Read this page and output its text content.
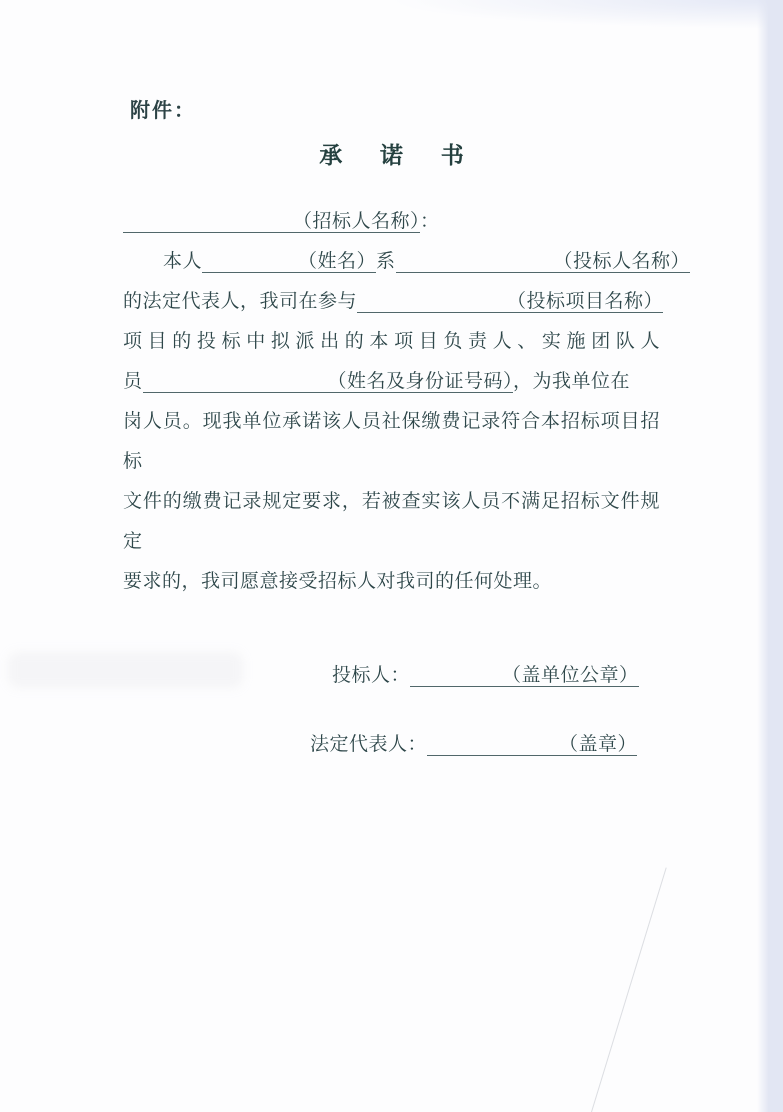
附件：
承 诺 书
（招标人名称）：
本人	（姓名）系	（投标人名称）
的法定代表人，我司在参与	（投标项目名称）
项目的投标中拟派出的本项目负责人、实施团队人
员	（姓名及身份证号码），为我单位在
岗人员。现我单位承诺该人员社保缴费记录符合本招标项目招标
文件的缴费记录规定要求，若被查实该人员不满足招标文件规定
要求的，我司愿意接受招标人对我司的任何处理。
投标人：	（盖单位公章）
法定代表人：	（盖章）
